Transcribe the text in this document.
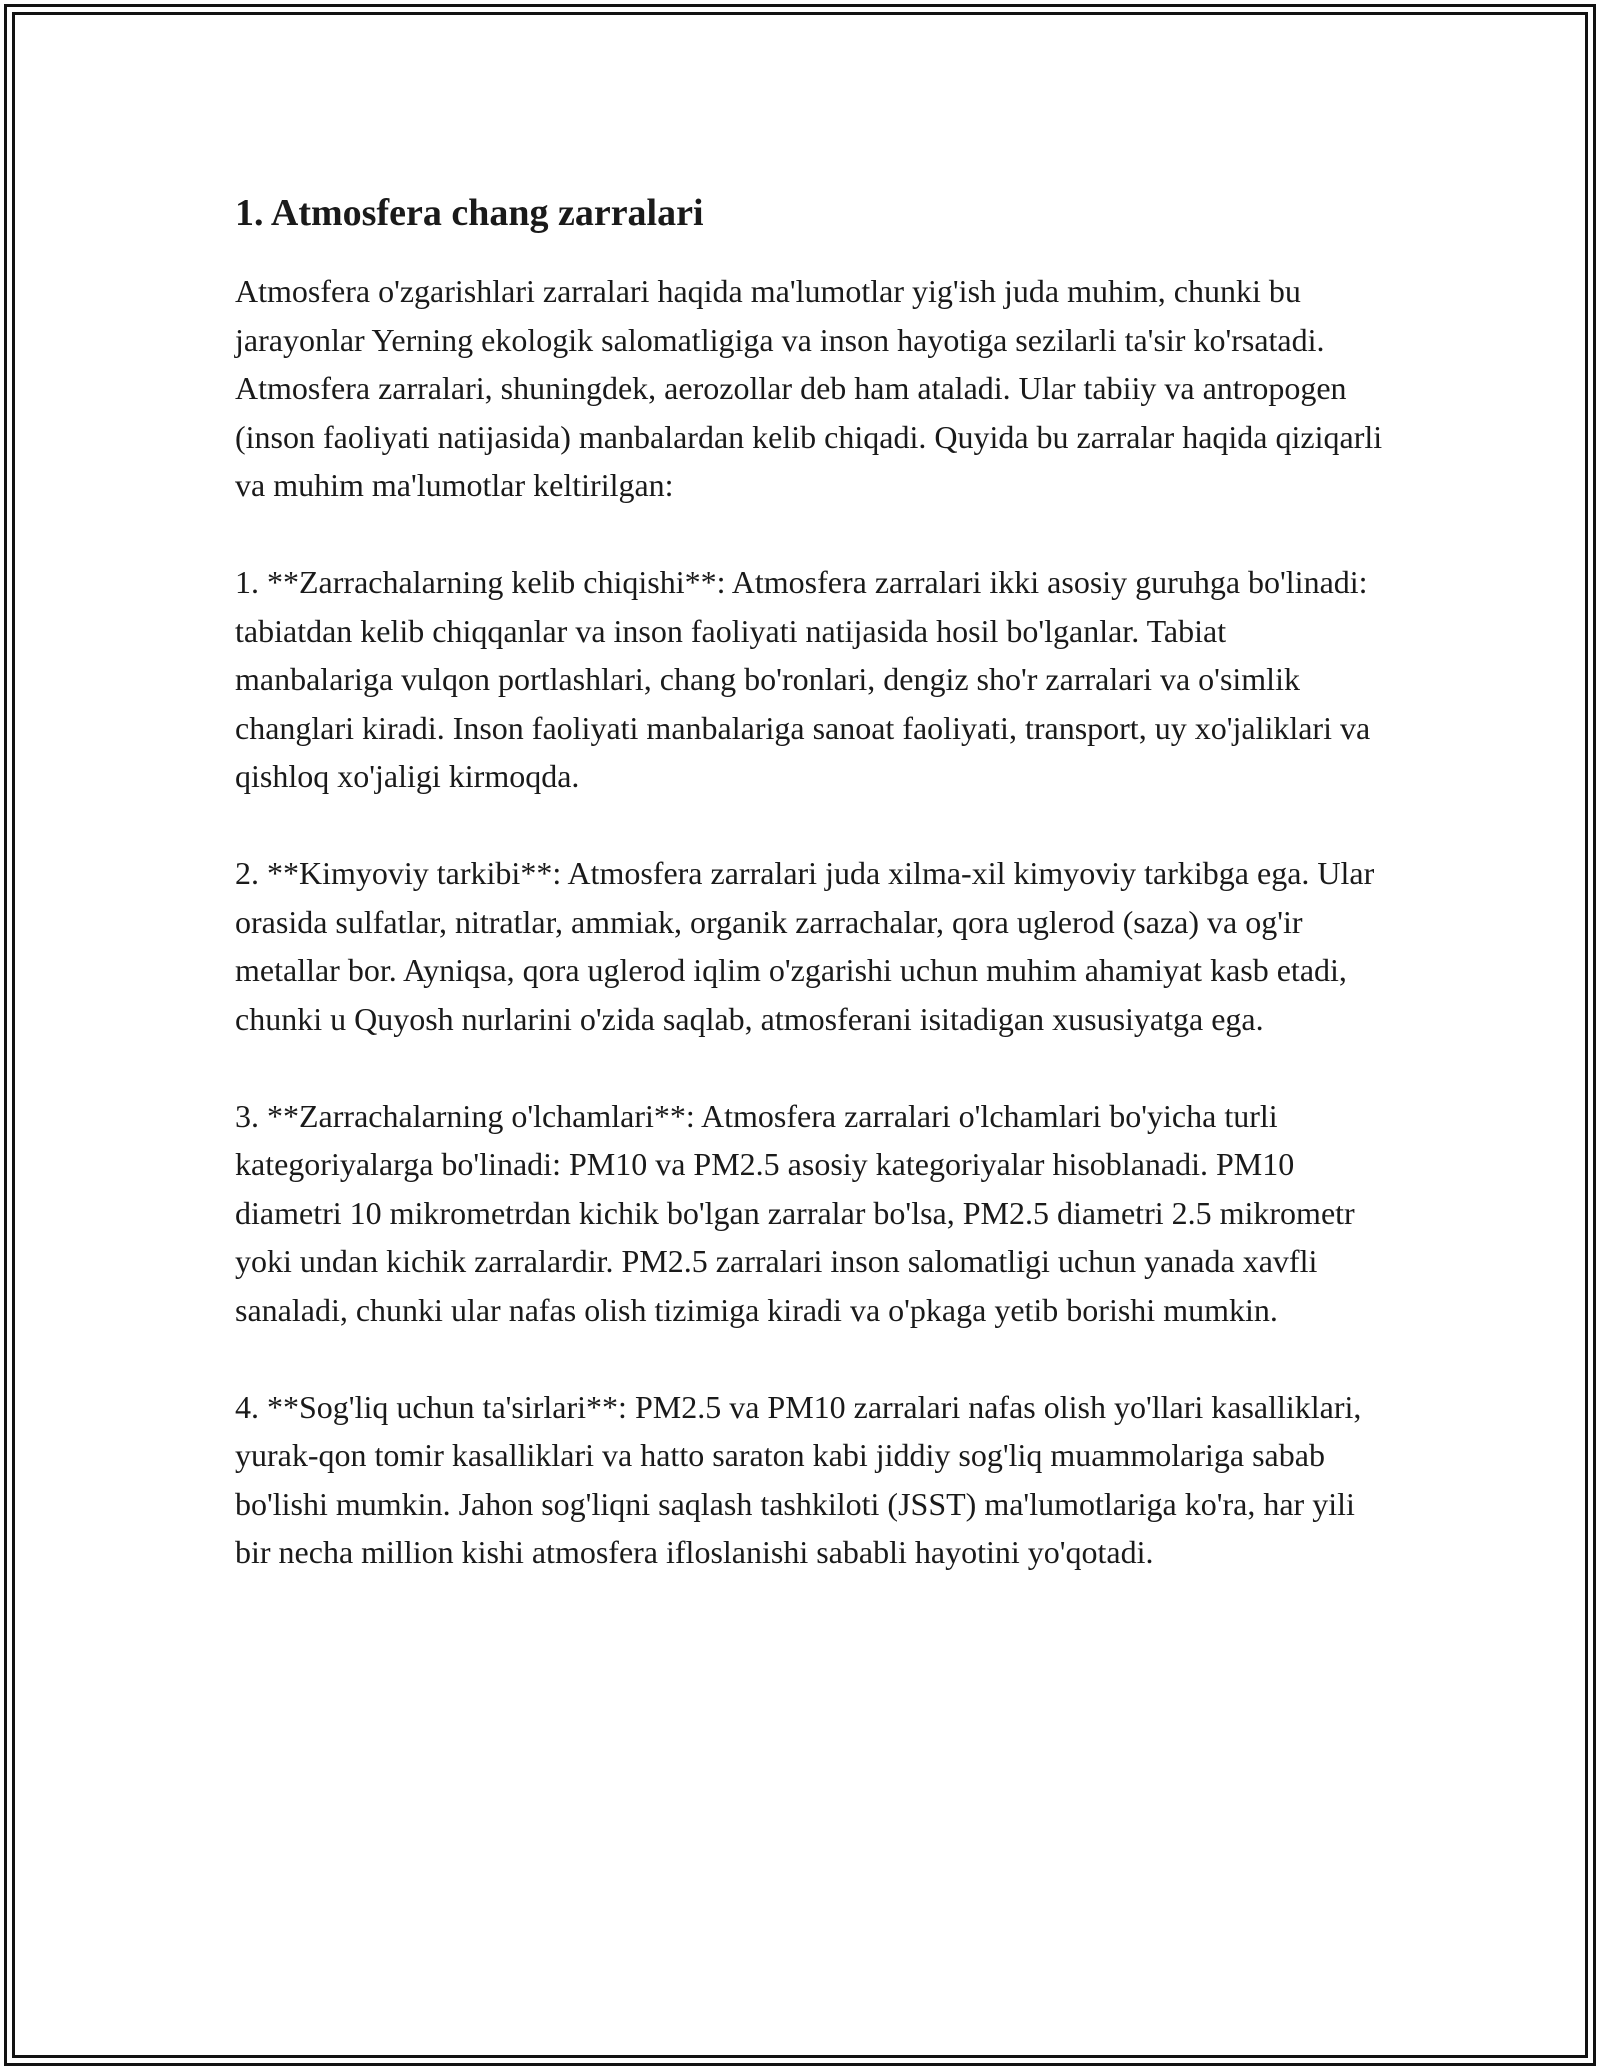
1. Atmosfera chang zarralari

Atmosfera o'zgarishlari zarralari haqida ma'lumotlar yig'ish juda muhim, chunki bu jarayonlar Yerning ekologik salomatligiga va inson hayotiga sezilarli ta'sir ko'rsatadi. Atmosfera zarralari, shuningdek, aerozollar deb ham ataladi. Ular tabiiy va antropogen (inson faoliyati natijasida) manbalardan kelib chiqadi. Quyida bu zarralar haqida qiziqarli va muhim ma'lumotlar keltirilgan:

1. **Zarrachalarning kelib chiqishi**: Atmosfera zarralari ikki asosiy guruhga bo'linadi: tabiatdan kelib chiqqanlar va inson faoliyati natijasida hosil bo'lganlar. Tabiat manbalariga vulqon portlashlari, chang bo'ronlari, dengiz sho'r zarralari va o'simlik changlari kiradi. Inson faoliyati manbalariga sanoat faoliyati, transport, uy xo'jaliklari va qishloq xo'jaligi kirmoqda.

2. **Kimyoviy tarkibi**: Atmosfera zarralari juda xilma-xil kimyoviy tarkibga ega. Ular orasida sulfatlar, nitratlar, ammiak, organik zarrachalar, qora uglerod (saza) va og'ir metallar bor. Ayniqsa, qora uglerod iqlim o'zgarishi uchun muhim ahamiyat kasb etadi, chunki u Quyosh nurlarini o'zida saqlab, atmosferani isitadigan xususiyatga ega.

3. **Zarrachalarning o'lchamlari**: Atmosfera zarralari o'lchamlari bo'yicha turli kategoriyalarga bo'linadi: PM10 va PM2.5 asosiy kategoriyalar hisoblanadi. PM10 diametri 10 mikrometrdan kichik bo'lgan zarralar bo'lsa, PM2.5 diametri 2.5 mikrometr yoki undan kichik zarralardir. PM2.5 zarralari inson salomatligi uchun yanada xavfli sanaladi, chunki ular nafas olish tizimiga kiradi va o'pkaga yetib borishi mumkin.

4. **Sog'liq uchun ta'sirlari**: PM2.5 va PM10 zarralari nafas olish yo'llari kasalliklari, yurak-qon tomir kasalliklari va hatto saraton kabi jiddiy sog'liq muammolariga sabab bo'lishi mumkin. Jahon sog'liqni saqlash tashkiloti (JSST) ma'lumotlariga ko'ra, har yili bir necha million kishi atmosfera ifloslanishi sababli hayotini yo'qotadi.
